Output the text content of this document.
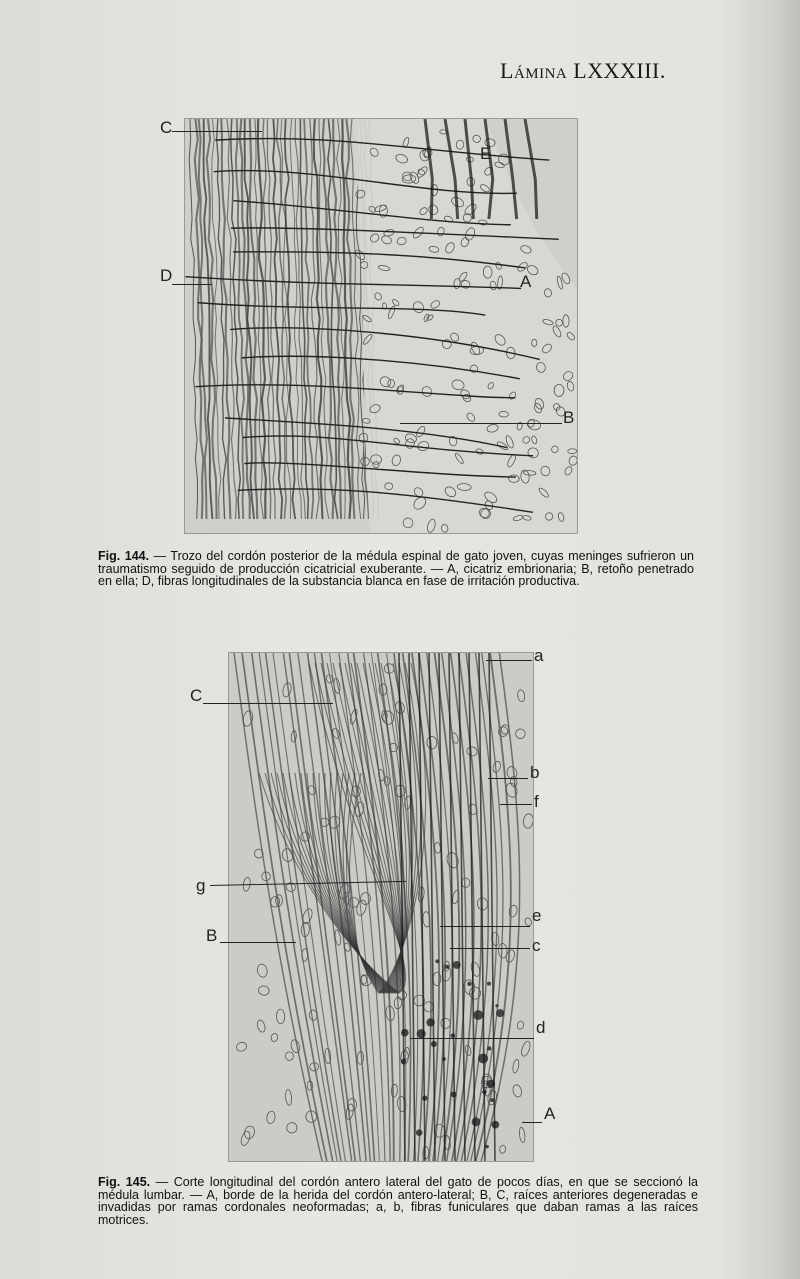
Lámina LXXXIII.
C
E
D	A
B
Fig. 144. — Trozo del cordón posterior de la médula espinal de gato joven, cuyas meninges sufrieron un traumatismo seguido de producción cicatricial exuberante. — A, cicatriz embrionaria; B, retoño penetrado en ella; D, fibras longitudinales de la substancia blanca en fase de irritación productiva.
a
C
b
f
g
e
B
c
d
A
Fig. 145. — Corte longitudinal del cordón antero lateral del gato de pocos días, en que se seccionó la médula lumbar. — A, borde de la herida del cordón antero-lateral; B, C, raíces anteriores degeneradas e invadidas por ramas cordonales neoformadas; a, b, fibras funiculares que daban ramas a las raíces motrices.
